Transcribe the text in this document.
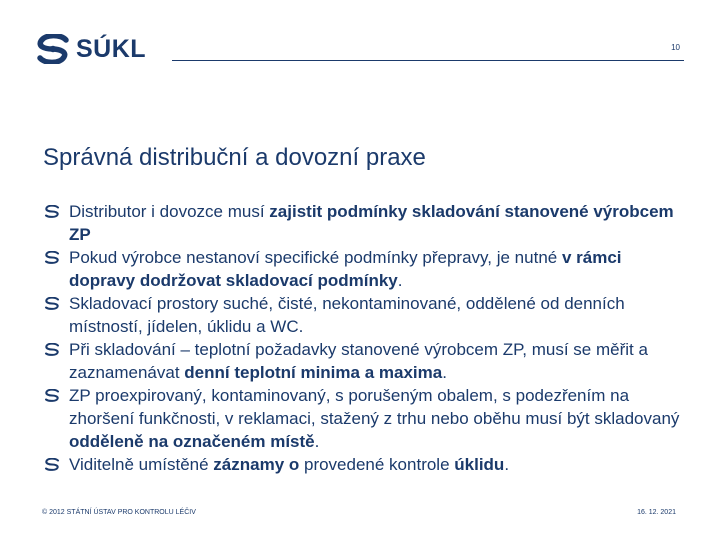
SÚKL	10
Správná distribuční a dovozní praxe
Distributor i dovozce musí zajistit podmínky skladování stanovené výrobcem ZP
Pokud výrobce nestanoví specifické podmínky přepravy, je nutné v rámci dopravy dodržovat skladovací podmínky.
Skladovací prostory suché, čisté, nekontaminované, oddělené od denních místností, jídelen, úklidu a WC.
Při skladování – teplotní požadavky stanovené výrobcem ZP, musí se měřit a zaznamenávat denní teplotní minima a maxima.
ZP proexpirovaný, kontaminovaný, s porušeným obalem, s podezřením na zhoršení funkčnosti, v reklamaci, stažený z trhu nebo oběhu musí být skladovaný odděleně na označeném místě.
Viditelně umístěné záznamy o provedené kontrole úklidu.
© 2012 STÁTNÍ ÚSTAV PRO KONTROLU LÉČIV	16. 12. 2021
